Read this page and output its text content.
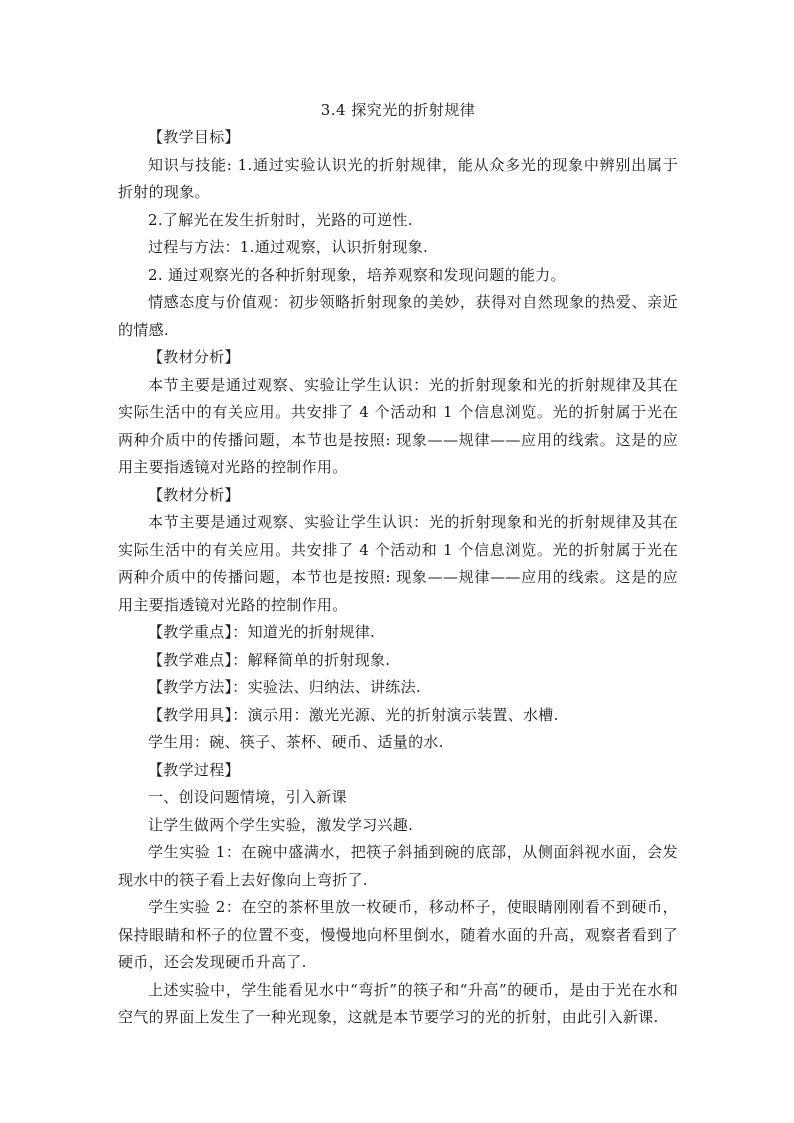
3.4 探究光的折射规律

【教学目标】

知识与技能: 1.通过实验认识光的折射规律，能从众多光的现象中辨别出属于折射的现象。

2.了解光在发生折射时，光路的可逆性.

过程与方法：1.通过观察，认识折射现象.

2. 通过观察光的各种折射现象，培养观察和发现问题的能力。

情感态度与价值观：初步领略折射现象的美妙，获得对自然现象的热爱、亲近的情感.

【教材分析】

本节主要是通过观察、实验让学生认识：光的折射现象和光的折射规律及其在实际生活中的有关应用。共安排了 4 个活动和 1 个信息浏览。光的折射属于光在两种介质中的传播问题，本节也是按照: 现象——规律——应用的线索。这是的应用主要指透镜对光路的控制作用。

【教材分析】

本节主要是通过观察、实验让学生认识：光的折射现象和光的折射规律及其在实际生活中的有关应用。共安排了 4 个活动和 1 个信息浏览。光的折射属于光在两种介质中的传播问题，本节也是按照: 现象——规律——应用的线索。这是的应用主要指透镜对光路的控制作用。

【教学重点】：知道光的折射规律.

【教学难点】：解释简单的折射现象.

【教学方法】：实验法、归纳法、讲练法.

【教学用具】：演示用：激光光源、光的折射演示装置、水槽.

学生用：碗、筷子、茶杯、硬币、适量的水.

【教学过程】

一、创设问题情境，引入新课

让学生做两个学生实验，激发学习兴趣.

学生实验 1：在碗中盛满水，把筷子斜插到碗的底部，从侧面斜视水面，会发现水中的筷子看上去好像向上弯折了.

学生实验 2：在空的茶杯里放一枚硬币，移动杯子，使眼睛刚刚看不到硬币，保持眼睛和杯子的位置不变，慢慢地向杯里倒水，随着水面的升高，观察者看到了硬币，还会发现硬币升高了.

上述实验中，学生能看见水中“弯折”的筷子和“升高”的硬币，是由于光在水和空气的界面上发生了一种光现象，这就是本节要学习的光的折射，由此引入新课.
